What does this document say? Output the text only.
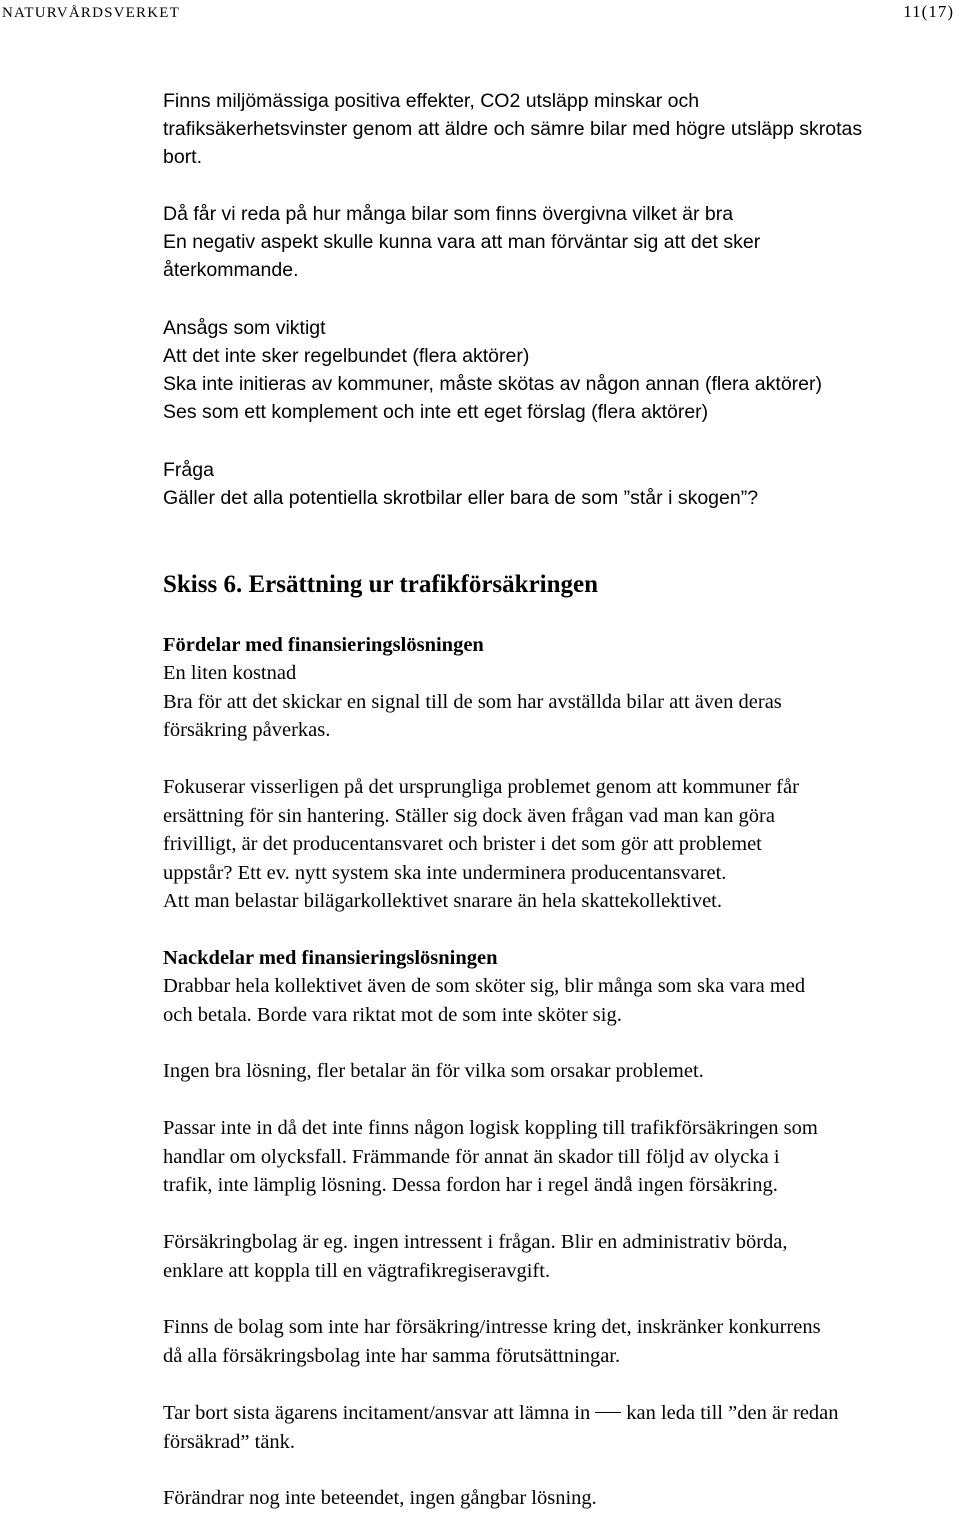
NATURVÅRDSVERKET	11(17)
Finns miljömässiga positiva effekter, CO2 utsläpp minskar och
trafiksäkerhetsvinster genom att äldre och sämre bilar med högre utsläpp skrotas
bort.
Då får vi reda på hur många bilar som finns övergivna vilket är bra
En negativ aspekt skulle kunna vara att man förväntar sig att det sker
återkommande.
Ansågs som viktigt
Att det inte sker regelbundet (flera aktörer)
Ska inte initieras av kommuner, måste skötas av någon annan (flera aktörer)
Ses som ett komplement och inte ett eget förslag (flera aktörer)
Fråga
Gäller det alla potentiella skrotbilar eller bara de som ”står i skogen”?
Skiss 6. Ersättning ur trafikförsäkringen
Fördelar med finansieringslösningen
En liten kostnad
Bra för att det skickar en signal till de som har avställda bilar att även deras
försäkring påverkas.
Fokuserar visserligen på det ursprungliga problemet genom att kommuner får
ersättning för sin hantering. Ställer sig dock även frågan vad man kan göra
frivilligt, är det producentansvaret och brister i det som gör att problemet
uppstår? Ett ev. nytt system ska inte underminera producentansvaret.
Att man belastar bilägarkollektivet snarare än hela skattekollektivet.
Nackdelar med finansieringslösningen
Drabbar hela kollektivet även de som sköter sig, blir många som ska vara med
och betala. Borde vara riktat mot de som inte sköter sig.
Ingen bra lösning, fler betalar än för vilka som orsakar problemet.
Passar inte in då det inte finns någon logisk koppling till trafikförsäkringen som
handlar om olycksfall. Främmande för annat än skador till följd av olycka i
trafik, inte lämplig lösning. Dessa fordon har i regel ändå ingen försäkring.
Försäkringbolag är eg. ingen intressent i frågan. Blir en administrativ börda,
enklare att koppla till en vägtrafikregiseravgift.
Finns de bolag som inte har försäkring/intresse kring det, inskränker konkurrens
då alla försäkringsbolag inte har samma förutsättningar.
Tar bort sista ägarens incitament/ansvar att lämna in kan leda till ”den är redan
försäkrad” tänk.
Förändrar nog inte beteendet, ingen gångbar lösning.
